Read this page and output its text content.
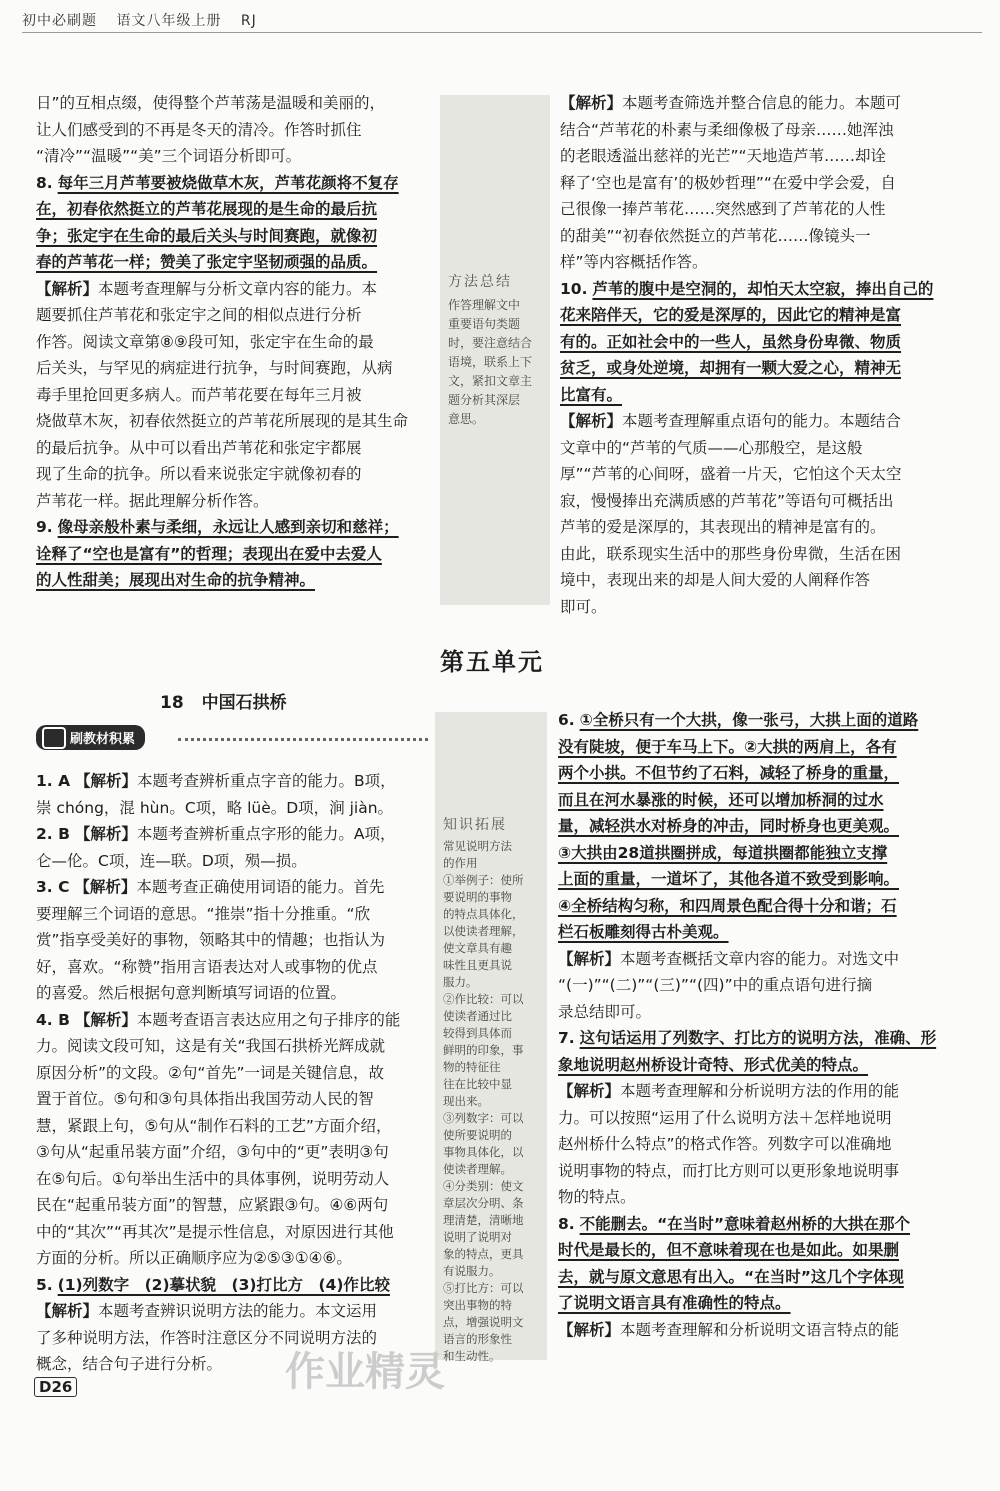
初中必刷题 语文八年级上册 RJ

日”的互相点缀，使得整个芦苇荡是温暖和美丽的，

让人们感受到的不再是冬天的清冷。作答时抓住

“清冷”“温暖”“美”三个词语分析即可。

8. 每年三月芦苇要被烧做草木灰，芦苇花颜将不复存

在，初春依然挺立的芦苇花展现的是生命的最后抗

争；张定宇在生命的最后关头与时间赛跑，就像初

春的芦苇花一样；赞美了张定宇坚韧顽强的品质。

【解析】本题考查理解与分析文章内容的能力。本

题要抓住芦苇花和张定宇之间的相似点进行分析

作答。阅读文章第⑧⑨段可知，张定宇在生命的最

后关头，与罕见的病症进行抗争，与时间赛跑，从病

毒手里抢回更多病人。而芦苇花要在每年三月被

烧做草木灰，初春依然挺立的芦苇花所展现的是其生命

的最后抗争。从中可以看出芦苇花和张定宇都展

现了生命的抗争。所以看来说张定宇就像初春的

芦苇花一样。据此理解分析作答。

9. 像母亲般朴素与柔细，永远让人感到亲切和慈祥；

诠释了“空也是富有”的哲理；表现出在爱中去爱人

的人性甜美；展现出对生命的抗争精神。

方法总结
作答理解文中
重要语句类题
时，要注意结合
语境，联系上下
文，紧扣文章主
题分析其深层
意思。

【解析】本题考查筛选并整合信息的能力。本题可

结合“芦苇花的朴素与柔细像极了母亲……她浑浊

的老眼透溢出慈祥的光芒”“天地造芦苇……却诠

释了‘空也是富有’的极妙哲理”“在爱中学会爱，自

己很像一捧芦苇花……突然感到了芦苇花的人性

的甜美”“初春依然挺立的芦苇花……像镜头一

样”等内容概括作答。

10. 芦苇的腹中是空洞的，却怕天太空寂，捧出自己的

花来陪伴天，它的爱是深厚的，因此它的精神是富

有的。正如社会中的一些人，虽然身份卑微、物质

贫乏，或身处逆境，却拥有一颗大爱之心，精神无

比富有。

【解析】本题考查理解重点语句的能力。本题结合

文章中的“芦苇的气质——心那般空，是这般

厚”“芦苇的心间呀，盛着一片天，它怕这个天太空

寂，慢慢捧出充满质感的芦苇花”等语句可概括出

芦苇的爱是深厚的，其表现出的精神是富有的。

由此，联系现实生活中的那些身份卑微，生活在困

境中，表现出来的却是人间大爱的人阐释作答

即可。

第五单元
18 中国石拱桥
刷教材积累

1. A 【解析】本题考查辨析重点字音的能力。B项，

崇 chóng，混 hùn。C项，略 lüè。D项，涧 jiàn。

2. B 【解析】本题考查辨析重点字形的能力。A项，

仑—伦。C项，连—联。D项，殒—损。

3. C 【解析】本题考查正确使用词语的能力。首先

要理解三个词语的意思。“推崇”指十分推重。“欣

赏”指享受美好的事物，领略其中的情趣；也指认为

好，喜欢。“称赞”指用言语表达对人或事物的优点

的喜爱。然后根据句意判断填写词语的位置。

4. B 【解析】本题考查语言表达应用之句子排序的能

力。阅读文段可知，这是有关“我国石拱桥光辉成就

原因分析”的文段。②句“首先”一词是关键信息，故

置于首位。⑤句和③句具体指出我国劳动人民的智

慧，紧跟上句，⑤句从“制作石料的工艺”方面介绍，

③句从“起重吊装方面”介绍，③句中的“更”表明③句

在⑤句后。①句举出生活中的具体事例，说明劳动人

民在“起重吊装方面”的智慧，应紧跟③句。④⑥两句

中的“其次”“再其次”是提示性信息，对原因进行其他

方面的分析。所以正确顺序应为②⑤③①④⑥。

5. (1)列数字　(2)摹状貌　(3)打比方　(4)作比较

【解析】本题考查辨识说明方法的能力。本文运用

了多种说明方法，作答时注意区分不同说明方法的

概念，结合句子进行分析。

知识拓展
常见说明方法
的作用
①举例子：使所
要说明的事物
的特点具体化，
以使读者理解，
使文章具有趣
味性且更具说
服力。
②作比较：可以
使读者通过比
较得到具体而
鲜明的印象，事
物的特征往
往在比较中显
现出来。
③列数字：可以
使所要说明的
事物具体化，以
使读者理解。
④分类别：使文
章层次分明、条
理清楚，清晰地
说明了说明对
象的特点，更具
有说服力。
⑤打比方：可以
突出事物的特
点，增强说明文
语言的形象性
和生动性。

6. ①全桥只有一个大拱，像一张弓，大拱上面的道路

没有陡坡，便于车马上下。②大拱的两肩上，各有

两个小拱。不但节约了石料，减轻了桥身的重量，

而且在河水暴涨的时候，还可以增加桥洞的过水

量，减轻洪水对桥身的冲击，同时桥身也更美观。

③大拱由28道拱圈拼成，每道拱圈都能独立支撑

上面的重量，一道坏了，其他各道不致受到影响。

④全桥结构匀称，和四周景色配合得十分和谐；石

栏石板雕刻得古朴美观。

【解析】本题考查概括文章内容的能力。对选文中

“(一)”“(二)”“(三)”“(四)”中的重点语句进行摘

录总结即可。

7. 这句话运用了列数字、打比方的说明方法，准确、形

象地说明赵州桥设计奇特、形式优美的特点。

【解析】本题考查理解和分析说明方法的作用的能

力。可以按照“运用了什么说明方法＋怎样地说明

赵州桥什么特点”的格式作答。列数字可以准确地

说明事物的特点，而打比方则可以更形象地说明事

物的特点。

8. 不能删去。“在当时”意味着赵州桥的大拱在那个

时代是最长的，但不意味着现在也是如此。如果删

去，就与原文意思有出入。“在当时”这几个字体现

了说明文语言具有准确性的特点。

【解析】本题考查理解和分析说明文语言特点的能

D26	作业精灵
